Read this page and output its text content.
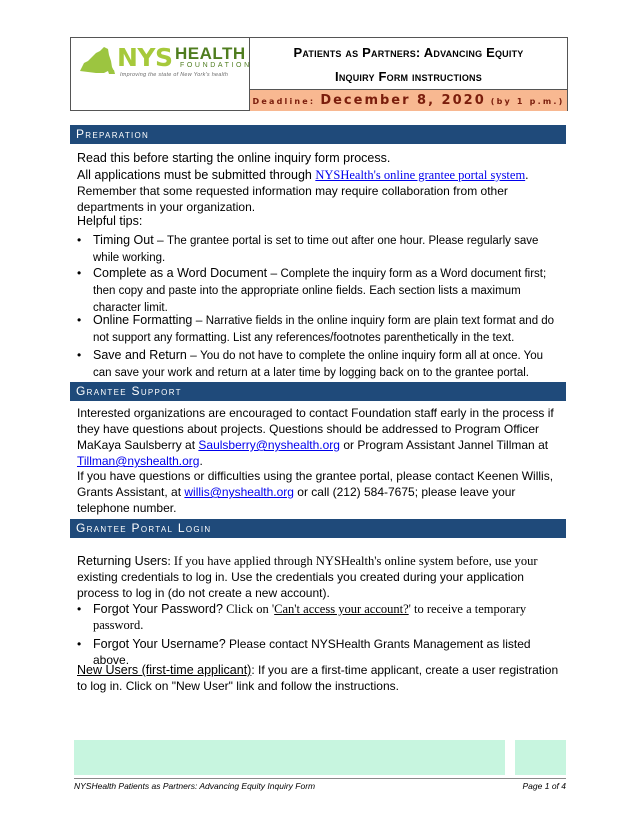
NYS HEALTH
FOUNDATION
Improving the state of New York's health
Patients as Partners: Advancing Equity
Inquiry Form instructions
Deadline: December 8, 2020 (by 1 p.m.)
Preparation
Read this before starting the online inquiry form process.
All applications must be submitted through NYSHealth's online grantee portal system.
Remember that some requested information may require collaboration from other departments in your organization.
Helpful tips:
• Timing Out – The grantee portal is set to time out after one hour. Please regularly save while working.
• Complete as a Word Document – Complete the inquiry form as a Word document first; then copy and paste into the appropriate online fields. Each section lists a maximum character limit.
• Online Formatting – Narrative fields in the online inquiry form are plain text format and do not support any formatting. List any references/footnotes parenthetically in the text.
• Save and Return – You do not have to complete the online inquiry form all at once. You can save your work and return at a later time by logging back on to the grantee portal.
Grantee Support
Interested organizations are encouraged to contact Foundation staff early in the process if they have questions about projects. Questions should be addressed to Program Officer MaKaya Saulsberry at Saulsberry@nyshealth.org or Program Assistant Jannel Tillman at Tillman@nyshealth.org.
If you have questions or difficulties using the grantee portal, please contact Keenen Willis, Grants Assistant, at willis@nyshealth.org or call (212) 584-7675; please leave your telephone number.
Grantee Portal Login
Returning Users: If you have applied through NYSHealth's online system before, use your
existing credentials to log in. Use the credentials you created during your application process to log in (do not create a new account).
• Forgot Your Password? Click on 'Can't access your account?' to receive a temporary password.
• Forgot Your Username? Please contact NYSHealth Grants Management as listed above.
New Users (first-time applicant): If you are a first-time applicant, create a user registration to log in. Click on "New User" link and follow the instructions.
NYSHealth Patients as Partners: Advancing Equity Inquiry Form	Page 1 of 4
